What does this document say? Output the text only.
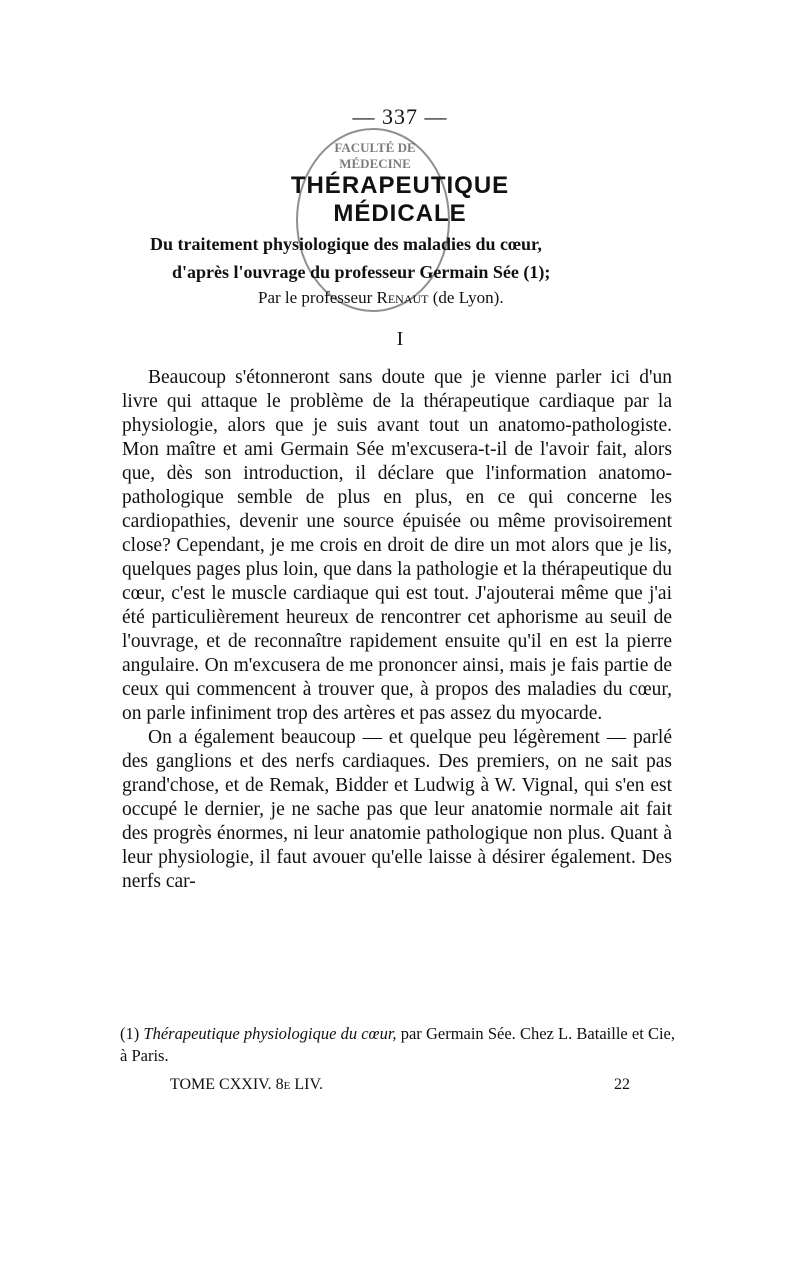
— 337 —
FACULTÉ DE MÉDECINE
THÉRAPEUTIQUE MÉDICALE
Du traitement physiologique des maladies du cœur,
d'après l'ouvrage du professeur Germain Sée (1);
Par le professeur Renaut (de Lyon).
I

Beaucoup s'étonneront sans doute que je vienne parler ici d'un livre qui attaque le problème de la thérapeutique cardiaque par la physiologie, alors que je suis avant tout un anatomo-pathologiste. Mon maître et ami Germain Sée m'excusera-t-il de l'avoir fait, alors que, dès son introduction, il déclare que l'information anatomo-pathologique semble de plus en plus, en ce qui concerne les cardiopathies, devenir une source épuisée ou même provisoirement close? Cependant, je me crois en droit de dire un mot alors que je lis, quelques pages plus loin, que dans la pathologie et la thérapeutique du cœur, c'est le muscle cardiaque qui est tout. J'ajouterai même que j'ai été particulièrement heureux de rencontrer cet aphorisme au seuil de l'ouvrage, et de reconnaître rapidement ensuite qu'il en est la pierre angulaire. On m'excusera de me prononcer ainsi, mais je fais partie de ceux qui commencent à trouver que, à propos des maladies du cœur, on parle infiniment trop des artères et pas assez du myocarde.

On a également beaucoup — et quelque peu légèrement — parlé des ganglions et des nerfs cardiaques. Des premiers, on ne sait pas grand'chose, et de Remak, Bidder et Ludwig à W. Vignal, qui s'en est occupé le dernier, je ne sache pas que leur anatomie normale ait fait des progrès énormes, ni leur anatomie pathologique non plus. Quant à leur physiologie, il faut avouer qu'elle laisse à désirer également. Des nerfs car-

(1) Thérapeutique physiologique du cœur, par Germain Sée. Chez L. Bataille et Cie, à Paris.
TOME CXXIV. 8e LIV.	22
